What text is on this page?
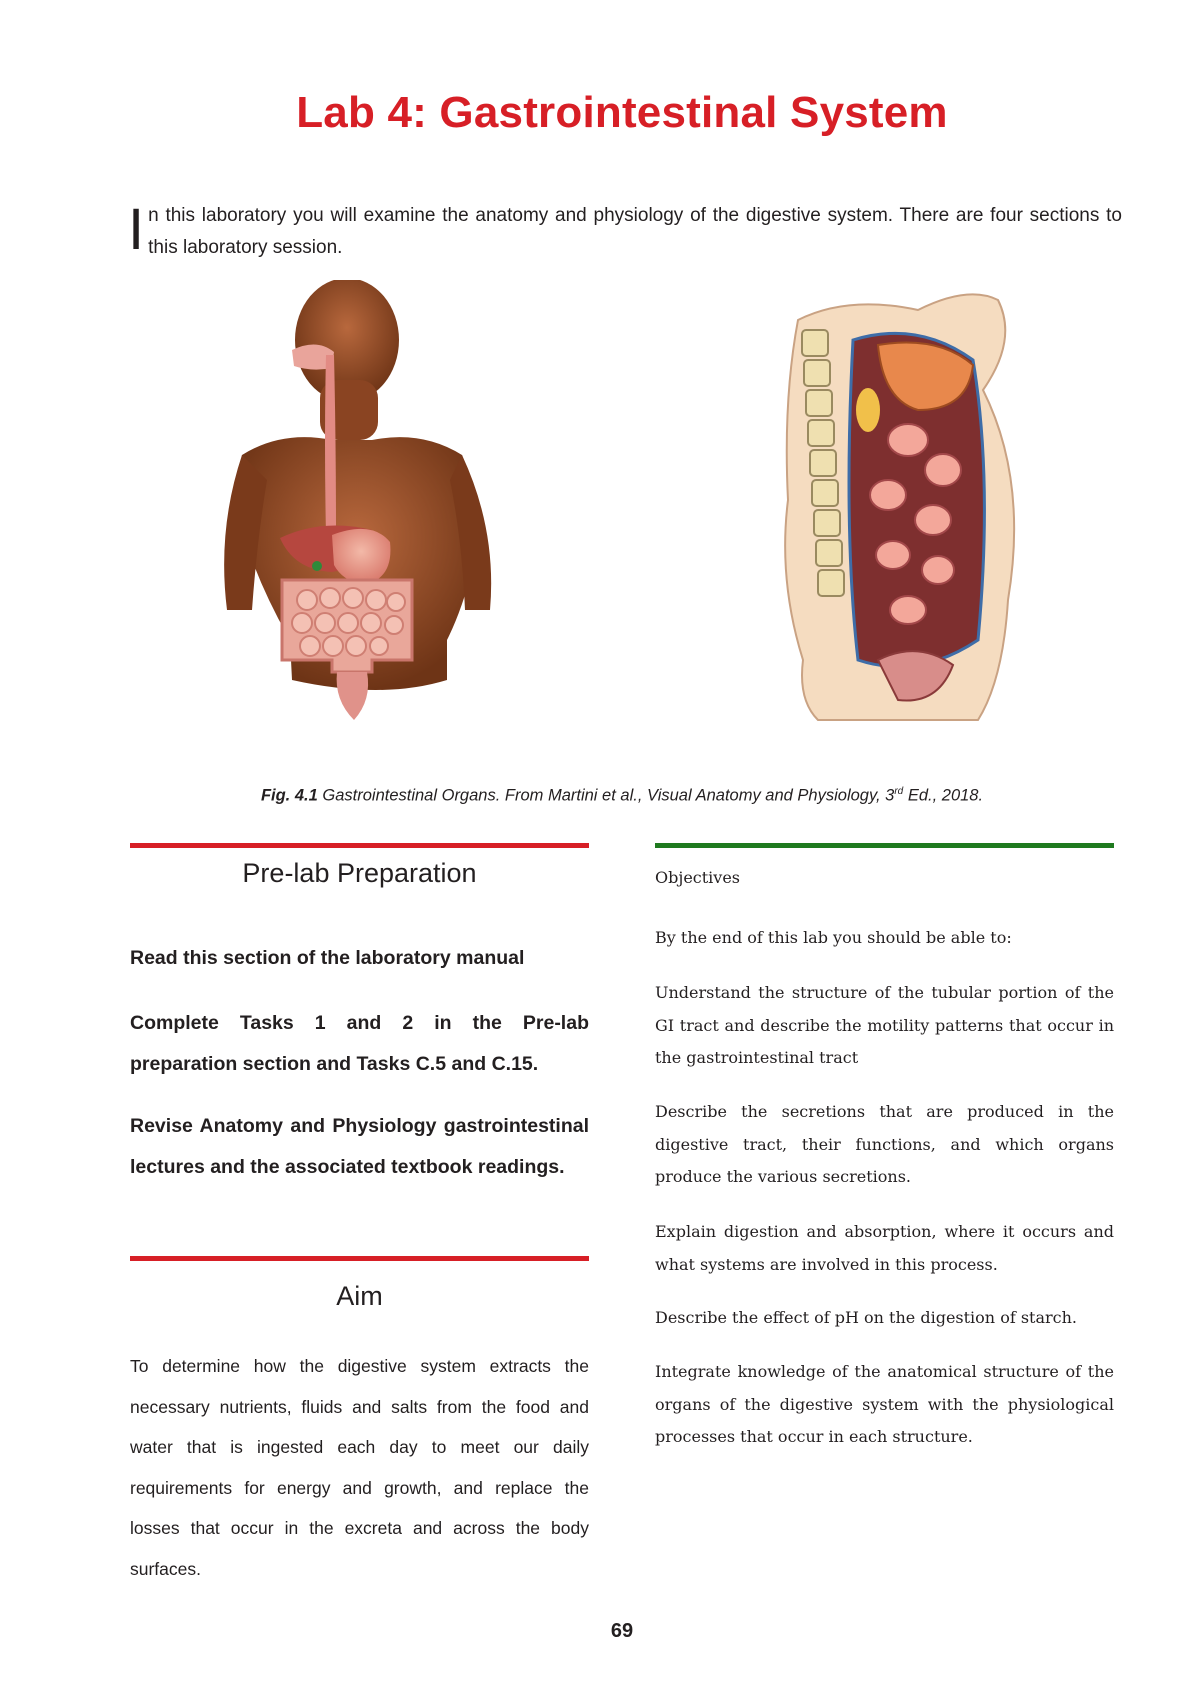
Lab 4: Gastrointestinal System
In this laboratory you will examine the anatomy and physiology of the digestive system. There are four sections to this laboratory session.
Fig. 4.1 Gastrointestinal Organs. From Martini et al., Visual Anatomy and Physiology, 3rd Ed., 2018.
Pre-lab Preparation
Read this section of the laboratory manual
Complete Tasks 1 and 2 in the Pre-lab preparation section and Tasks C.5 and C.15.
Revise Anatomy and Physiology gastrointestinal lectures and the associated textbook readings.
Aim
To determine how the digestive system extracts the necessary nutrients, fluids and salts from the food and water that is ingested each day to meet our daily requirements for energy and growth, and replace the losses that occur in the excreta and across the body surfaces.
Objectives
By the end of this lab you should be able to:
Understand the structure of the tubular portion of the GI tract and describe the motility patterns that occur in the gastrointestinal tract
Describe the secretions that are produced in the digestive tract, their functions, and which organs produce the various secretions.
Explain digestion and absorption, where it occurs and what systems are involved in this process.
Describe the effect of pH on the digestion of starch.
Integrate knowledge of the anatomical structure of the organs of the digestive system with the physiological processes that occur in each structure.
69
